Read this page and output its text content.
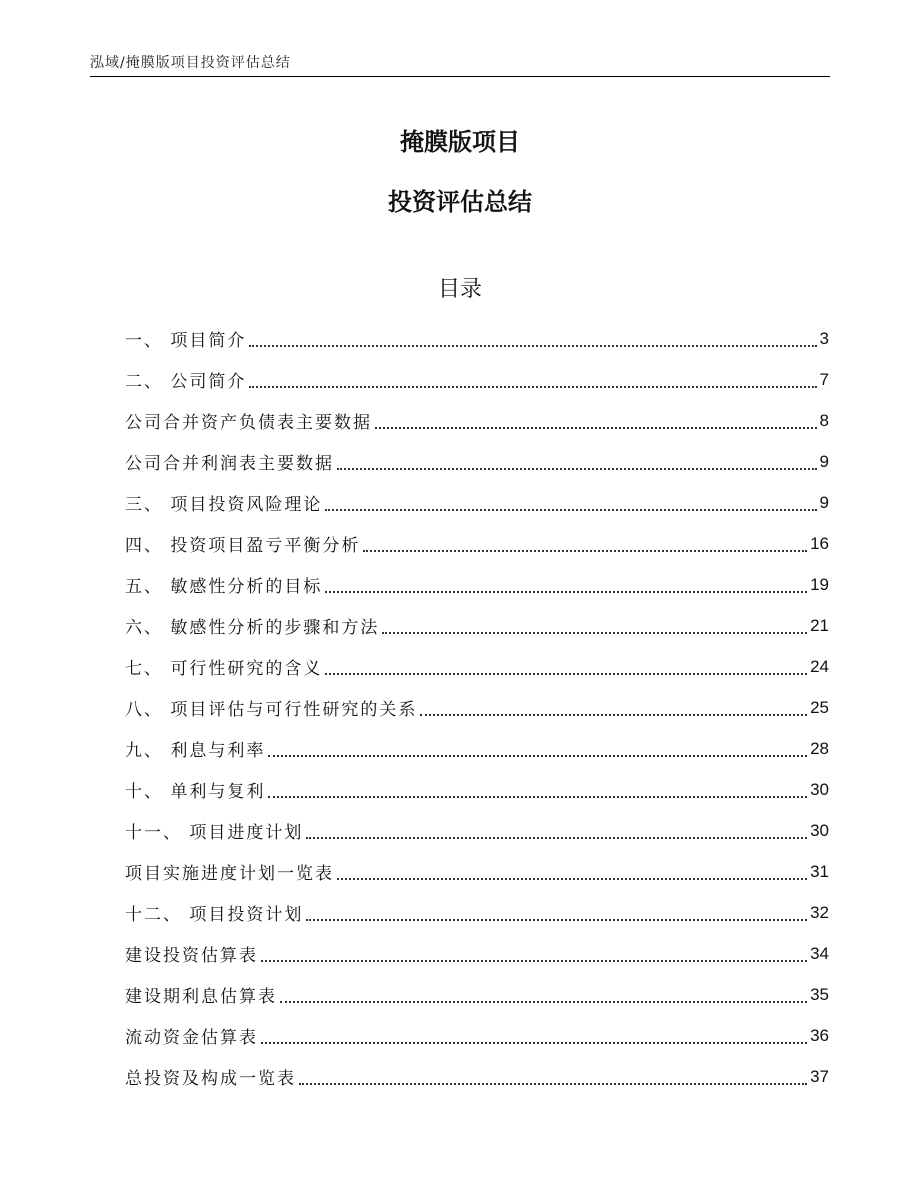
泓域/掩膜版项目投资评估总结
掩膜版项目
投资评估总结
目录
一、 项目简介	3
二、 公司简介	7
公司合并资产负债表主要数据	8
公司合并利润表主要数据	9
三、 项目投资风险理论	9
四、 投资项目盈亏平衡分析	16
五、 敏感性分析的目标	19
六、 敏感性分析的步骤和方法	21
七、 可行性研究的含义	24
八、 项目评估与可行性研究的关系	25
九、 利息与利率	28
十、 单利与复利	30
十一、 项目进度计划	30
项目实施进度计划一览表	31
十二、 项目投资计划	32
建设投资估算表	34
建设期利息估算表	35
流动资金估算表	36
总投资及构成一览表	37
